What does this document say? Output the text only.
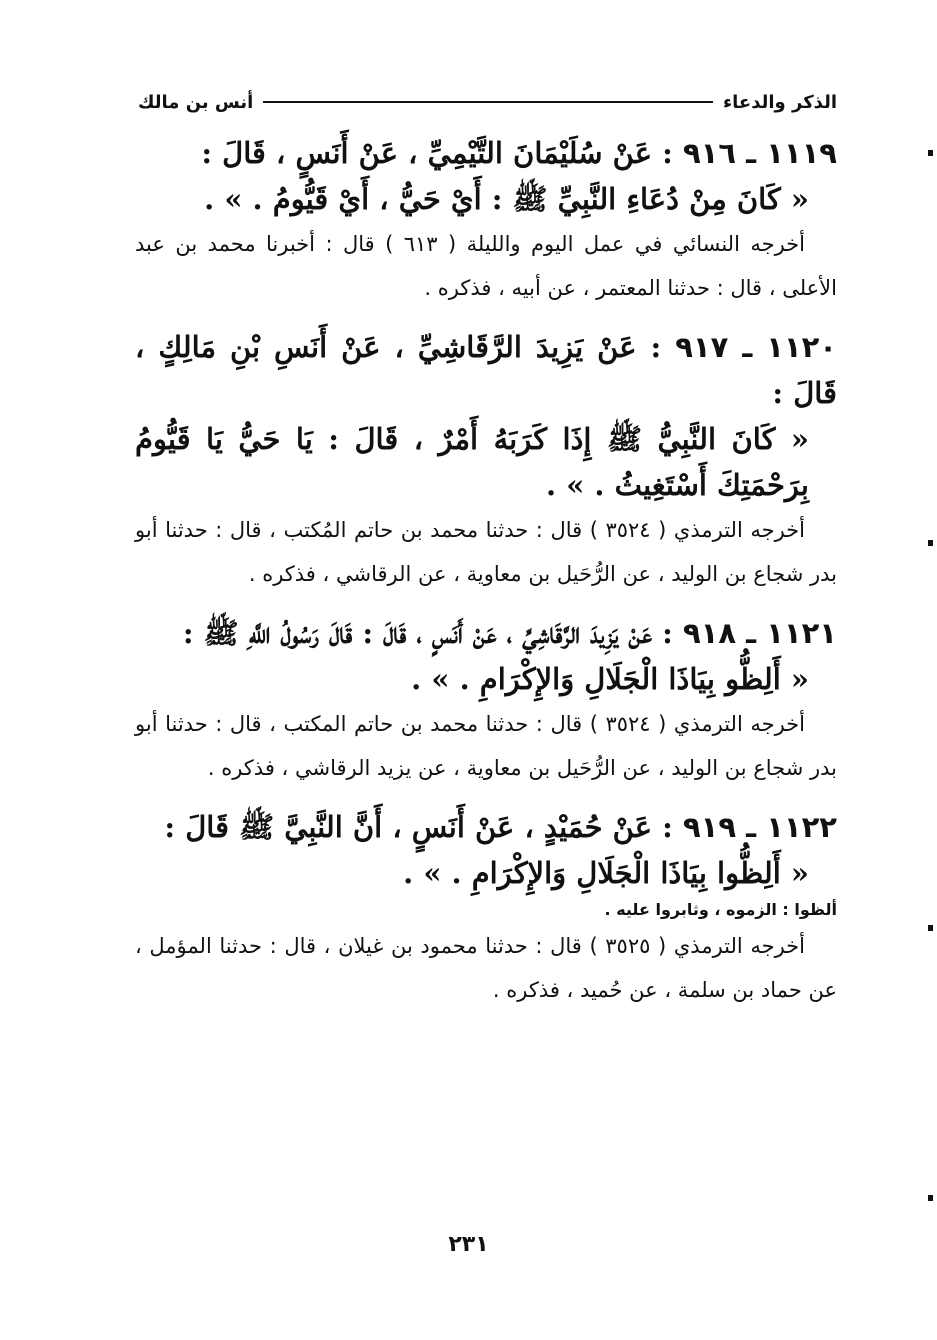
الذكر والدعاء
أنس بن مالك
١١١٩ ـ ٩١٦ : عَنْ سُلَيْمَانَ التَّيْمِيِّ ، عَنْ أَنَسٍ ، قَالَ :
« كَانَ مِنْ دُعَاءِ النَّبِيِّ ﷺ : أَيْ حَيُّ ، أَيْ قَيُّومُ . » .
أخرجه النسائي في عمل اليوم والليلة ( ٦١٣ ) قال : أخبرنا محمد بن عبد الأعلى ، قال : حدثنا المعتمر ، عن أبيه ، فذكره .
١١٢٠ ـ ٩١٧ : عَنْ يَزِيدَ الرَّقَاشِيِّ ، عَنْ أَنَسِ بْنِ مَالِكٍ ، قَالَ :
« كَانَ النَّبِيُّ ﷺ إِذَا كَرَبَهُ أَمْرٌ ، قَالَ : يَا حَيُّ يَا قَيُّومُ بِرَحْمَتِكَ أَسْتَغِيثُ . » .
أخرجه الترمذي ( ٣٥٢٤ ) قال : حدثنا محمد بن حاتم المُكتب ، قال : حدثنا أبو بدر شجاع بن الوليد ، عن الرُّحَيل بن معاوية ، عن الرقاشي ، فذكره .
١١٢١ ـ ٩١٨ : عَنْ يَزِيدَ الرَّقَاشِيِّ ، عَنْ أَنَسٍ ، قَالَ : قَالَ رَسُولُ اللَّهِ ﷺ :
« أَلِظُّو بِيَاذَا الْجَلَالِ وَالإِكْرَامِ . » .
أخرجه الترمذي ( ٣٥٢٤ ) قال : حدثنا محمد بن حاتم المكتب ، قال : حدثنا أبو بدر شجاع بن الوليد ، عن الرُّحَيل بن معاوية ، عن يزيد الرقاشي ، فذكره .
١١٢٢ ـ ٩١٩ : عَنْ حُمَيْدٍ ، عَنْ أَنَسٍ ، أَنَّ النَّبِيَّ ﷺ قَالَ :
« أَلِظُّوا بِيَاذَا الْجَلَالِ وَالإِكْرَامِ . » .
ألظوا : الزموه ، وثابروا عليه .
أخرجه الترمذي ( ٣٥٢٥ ) قال : حدثنا محمود بن غيلان ، قال : حدثنا المؤمل ، عن حماد بن سلمة ، عن حُميد ، فذكره .
٢٣١
